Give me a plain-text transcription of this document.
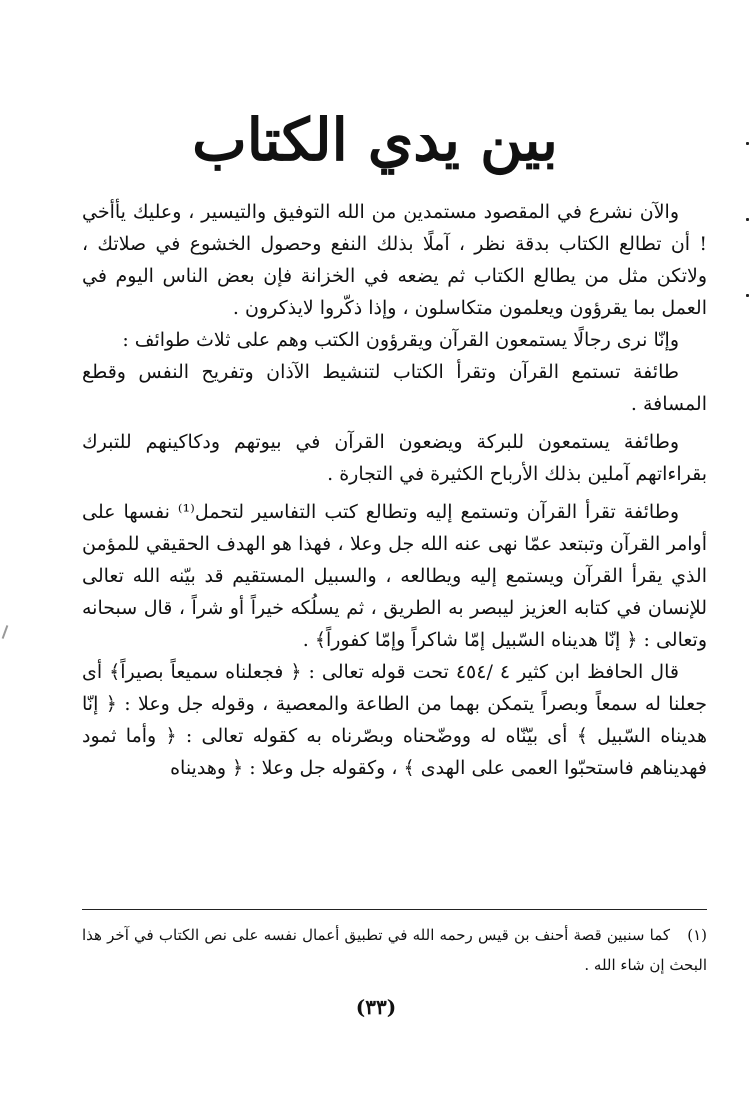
بين يدي الكتاب

والآن نشرع في المقصود مستمدين من الله التوفيق والتيسير ، وعليك يأأخي ! أن تطالع الكتاب بدقة نظر ، آملًا بذلك النفع وحصول الخشوع في صلاتك ، ولاتكن مثل من يطالع الكتاب ثم يضعه في الخزانة فإن بعض الناس اليوم في العمل بما يقرؤون ويعلمون متكاسلون ، وإذا ذكّروا لايذكرون .

وإنّا نرى رجالًا يستمعون القرآن ويقرؤون الكتب وهم على ثلاث طوائف :

طائفة تستمع القرآن وتقرأ الكتاب لتنشيط الآذان وتفريح النفس وقطع المسافة .

وطائفة يستمعون للبركة ويضعون القرآن في بيوتهم ودكاكينهم للتبرك بقراءاتهم آملين بذلك الأرباح الكثيرة في التجارة .

وطائفة تقرأ القرآن وتستمع إليه وتطالع كتب التفاسير لتحمل⁽¹⁾ نفسها على أوامر القرآن وتبتعد عمّا نهى عنه الله جل وعلا ، فهذا هو الهدف الحقيقي للمؤمن الذي يقرأ القرآن ويستمع إليه ويطالعه ، والسبيل المستقيم قد بيّنه الله تعالى للإنسان في كتابه العزيز ليبصر به الطريق ، ثم يسلُكه خيراً أو شراً ، قال سبحانه وتعالى : ﴿ إنّا هديناه السّبيل إمّا شاكراً وإمّا كفوراً﴾ .

قال الحافظ ابن كثير ٤ /٤٥٤ تحت قوله تعالى : ﴿ فجعلناه سميعاً بصيراً﴾ أى جعلنا له سمعاً وبصراً يتمكن بهما من الطاعة والمعصية ، وقوله جل وعلا : ﴿ إنّا هديناه السّبيل ﴾ أى بيّنّاه له ووضّحناه وبصّرناه به كقوله تعالى : ﴿ وأما ثمود فهديناهم فاستحبّوا العمى على الهدى ﴾ ، وكقوله جل وعلا : ﴿ وهديناه

(١) كما سنبين قصة أحنف بن قيس رحمه الله في تطبيق أعمال نفسه على نص الكتاب في آخر هذا البحث إن شاء الله .
(٣٣)
